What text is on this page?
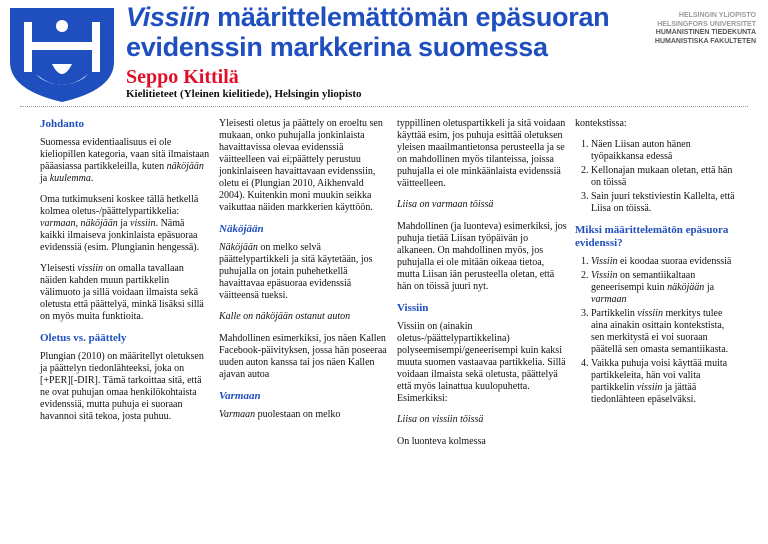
Vissiin määrittelemättömän epäsuoran evidenssin markkerina suomessa
HELSINGIN YLIOPISTO
HELSINGFORS UNIVERSITET
HUMANISTINEN TIEDEKUNTA
HUMANISTISKA FAKULTETEN
Seppo Kittilä
Kielitieteet (Yleinen kielitiede), Helsingin yliopisto
Johdanto

Suomessa evidentiaalisuus ei ole kieliopillen kategoria, vaan sitä ilmaistaan pääasiassa partikkeleilla, kuten näköjään ja kuulemma.

Oma tutkimukseni koskee tällä hetkellä kolmea oletus-/päättelypartikkelia: varmaan, näköjään ja vissiin. Nämä kaikki ilmaiseva jonkinlaista epäsuoraa evidenssiä (esim. Plungianin hengessä).

Yleisesti vissiin on omalla tavallaan näiden kahden muun partikkelin välimuoto ja sillä voidaan ilmaista sekä oletusta että päättelyä, minkä lisäksi sillä on myös muita funktioita.

Oletus vs. päättely

Plungian (2010) on määritellyt oletuksen ja päättelyn tiedonlähteeksi, joka on [+PER][-DIR]. Tämä tarkoittaa sitä, että ne ovat puhujan omaa henkilökohtaista evidenssiä, mutta puhuja ei suoraan havannoi sitä tekoa, josta puhuu.

Yleisesti oletus ja päättely on eroeltu sen mukaan, onko puhujalla jonkinlaista havaittavissa olevaa evidenssiä väitteelleen vai ei;päättely perustuu jonkinlaiseen havaittavaan evidenssiin, oletu ei (Plungian 2010, Aikhenvald 2004). Kuitenkin moni muukin seikka vaikuttaa näiden markkerien käyttöön.

Näköjään

Näköjään on melko selvä päättelypartikkeli ja sitä käytetään, jos puhujalla on jotain puhehetkellä havaittavaa epäsuoraa evidenssiä väitteensä tueksi.

Kalle on näköjään ostanut auton

Mahdollinen esimerkiksi, jos näen Kallen Facebook-päivityksen, jossa hän poseeraa uuden auton kanssa tai jos näen Kallen ajavan autoa

Varmaan

Varmaan puolestaan on melko

typpillinen oletuspartikkeli ja sitä voidaan käyttää esim, jos puhuja esittää oletuksen yleisen maailmantietonsa perusteella ja se on mahdollinen myös tilanteissa, joissa puhujalla ei ole minkäänlaista evidenssiä väitteelleen.

Liisa on varmaan töissä

Mahdollinen (ja luonteva) esimerkiksi, jos puhuja tietää Liisan työpäivän jo alkaneen. On mahdollinen myös, jos puhujalla ei ole mitään oikeaa tietoa, mutta Liisan iän perusteella oletan, että hän on töissä juuri nyt.

Vissiin

Vissiin on (ainakin oletus-/päättelypartikkelina) polyseemisempi/geneerisempi kuin kaksi muuta suomen vastaavaa partikkelia. Sillä voidaan ilmaista sekä oletusta, päättelyä että myös lainattua kuulopuhetta. Esimerkiksi:

Liisa on vissiin töissä

On luonteva kolmessa

kontekstissa:

1. Näen Liisan auton hänen työpaikkansa edessä
2. Kellonajan mukaan oletan, että hän on töissä
3. Sain juuri tekstiviestin Kallelta, että Liisa on töissä.
Miksi määrittelemätön epäsuora evidenssi?
1. Vissiin ei koodaa suoraa evidenssiä
2. Vissiin on semantiikaltaan geneerisempi kuin näköjään ja varmaan
3. Partikkelin vissiin merkitys tulee aina ainakin osittain kontekstista, sen merkitystä ei voi suoraan päätellä sen omasta semantiikasta.
4. Vaikka puhuja voisi käyttää muita partikkeleita, hän voi valita partikkelin vissiin ja jättää tiedonlähteen epäselväksi.
